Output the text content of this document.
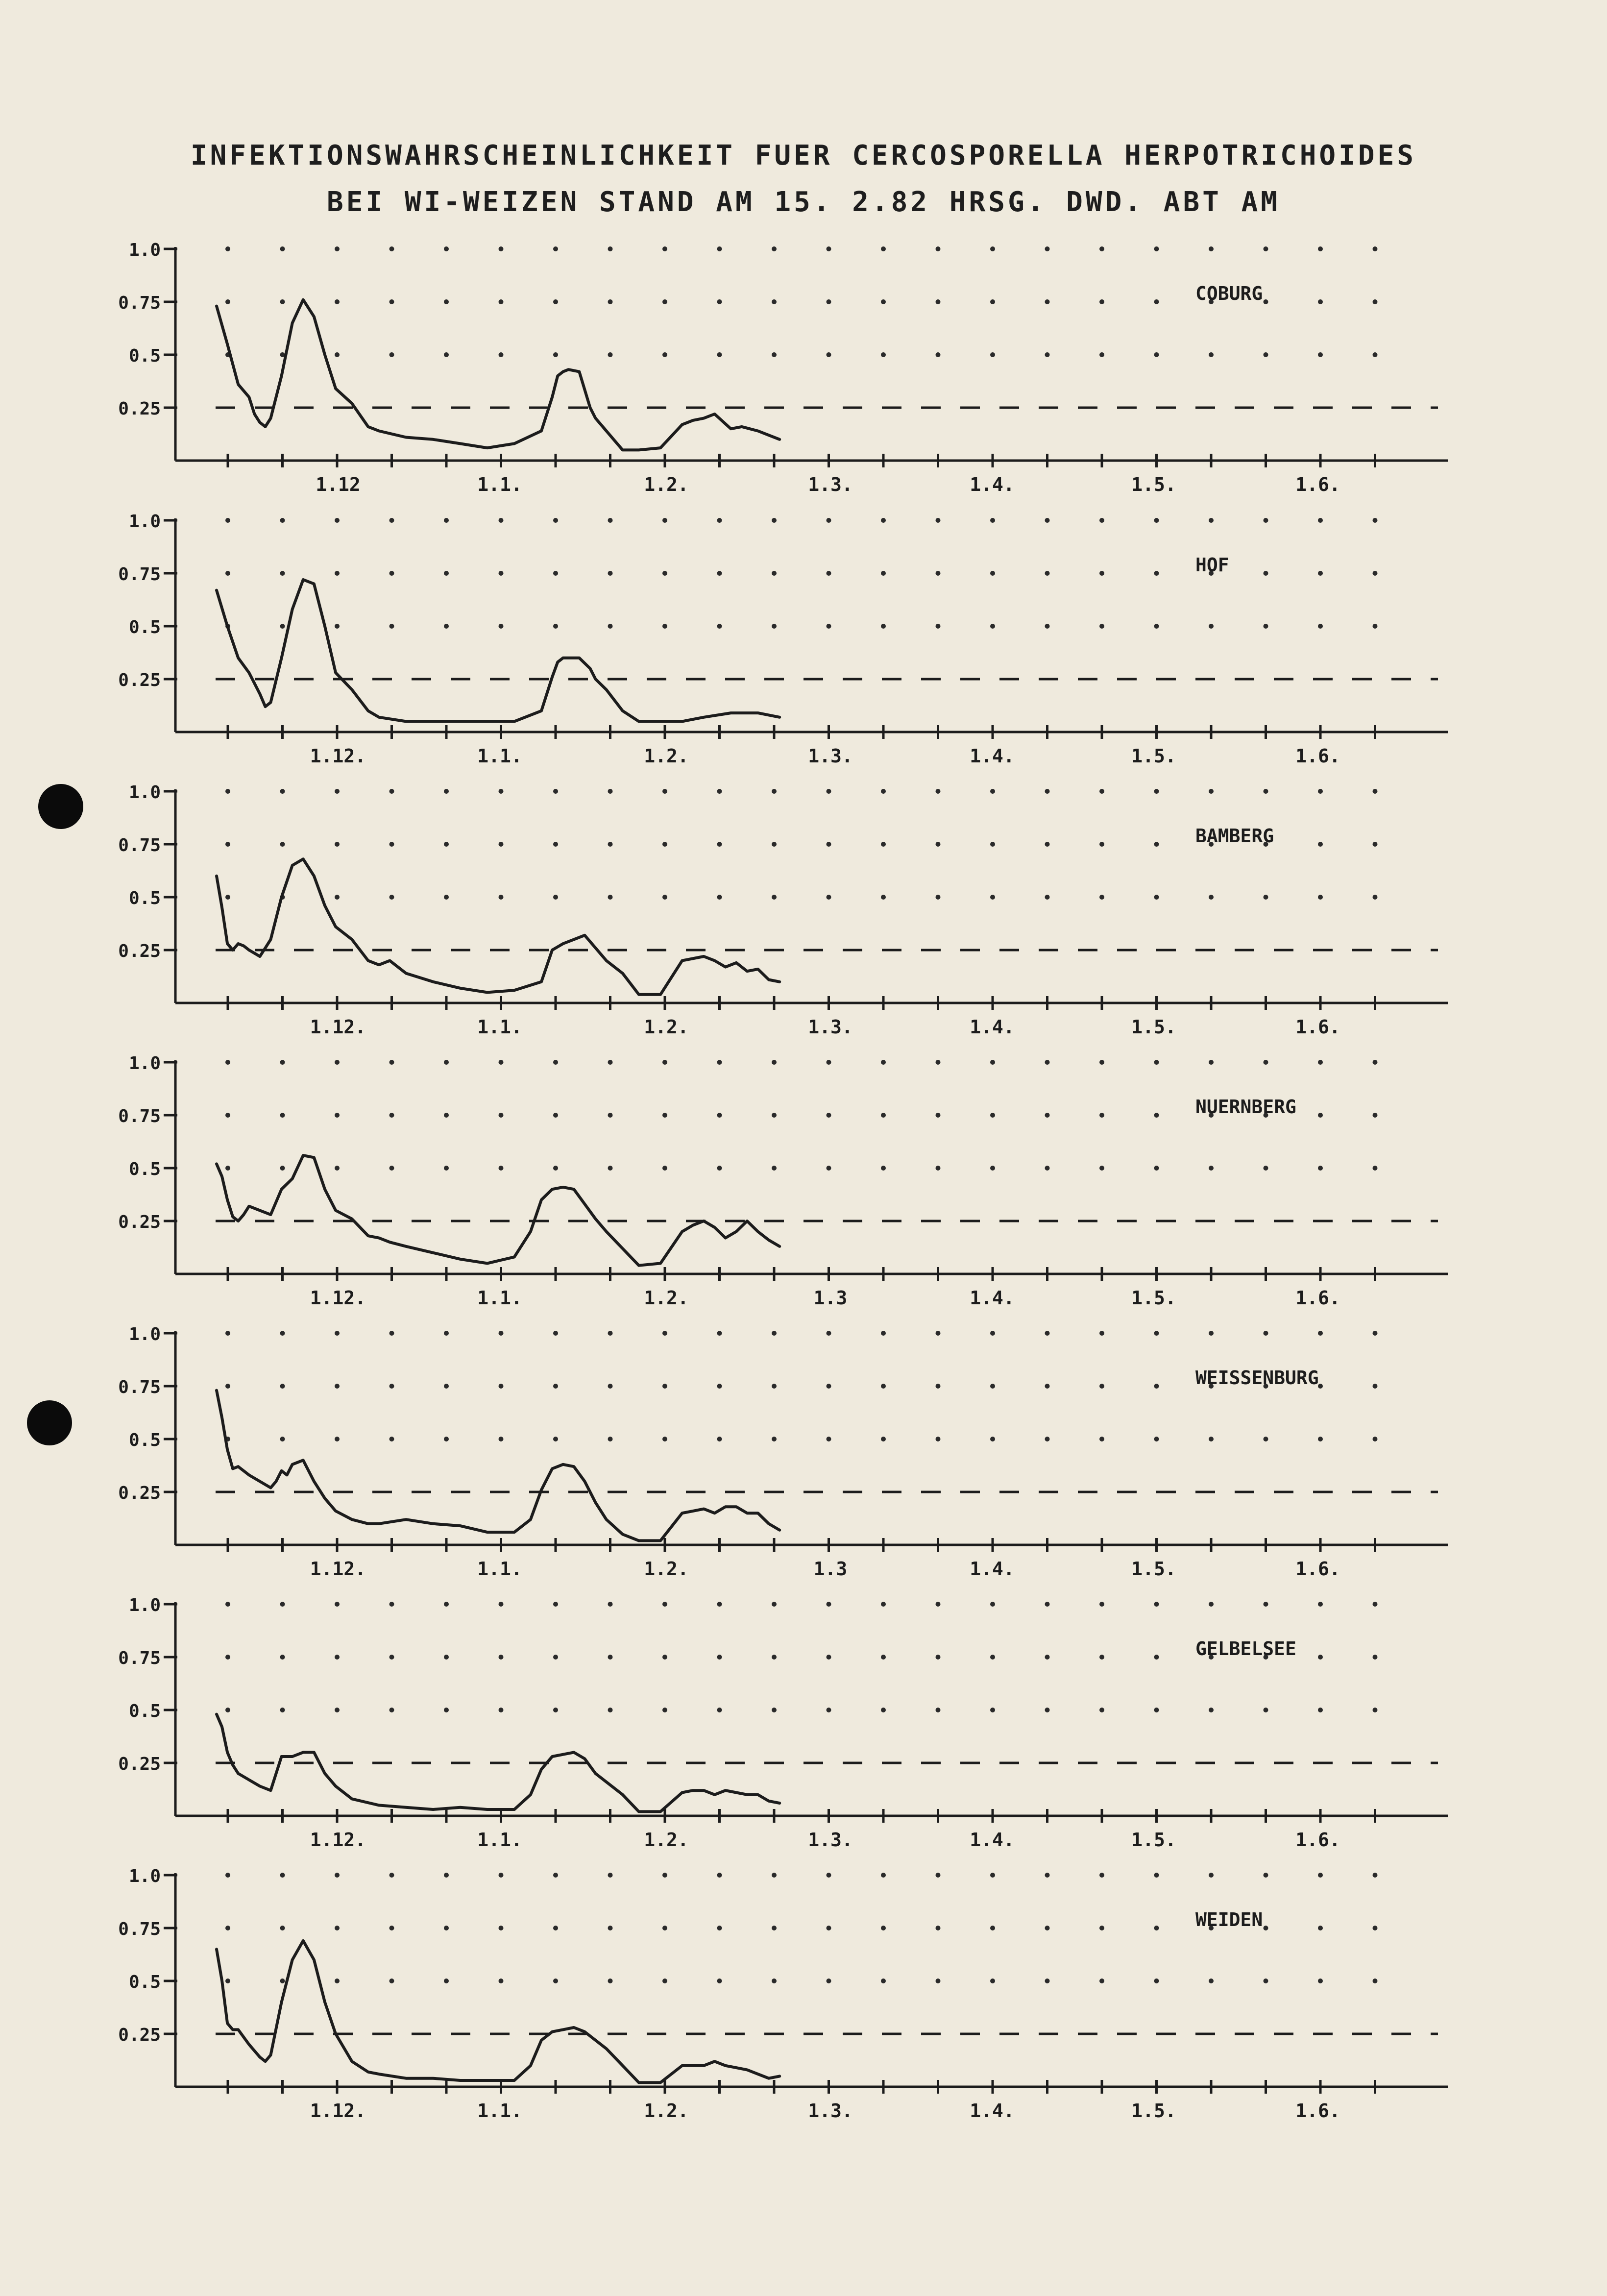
INFEKTIONSWAHRSCHEINLICHKEIT FUER CERCOSPORELLA HERPOTRICHOIDES
BEI WI-WEIZEN STAND AM 15. 2.82 HRSG. DWD. ABT AM
1.0
0.75
0.5
0.25
1.12	1.1.	1.2.	1.3.	1.4.	1.5.	1.6.
COBURG
1.0
0.75
0.5
0.25
1.12.	1.1.	1.2.	1.3.	1.4.	1.5.	1.6.
HOF
1.0
0.75
0.5
0.25
1.12.	1.1.	1.2.	1.3.	1.4.	1.5.	1.6.
BAMBERG
1.0
0.75
0.5
0.25
1.12.	1.1.	1.2.	1.3	1.4.	1.5.	1.6.
NUERNBERG
1.0
0.75
0.5
0.25
1.12.	1.1.	1.2.	1.3	1.4.	1.5.	1.6.
WEISSENBURG
1.0
0.75
0.5
0.25
1.12.	1.1.	1.2.	1.3.	1.4.	1.5.	1.6.
GELBELSEE
1.0
0.75
0.5
0.25
1.12.	1.1.	1.2.	1.3.	1.4.	1.5.	1.6.
WEIDEN
